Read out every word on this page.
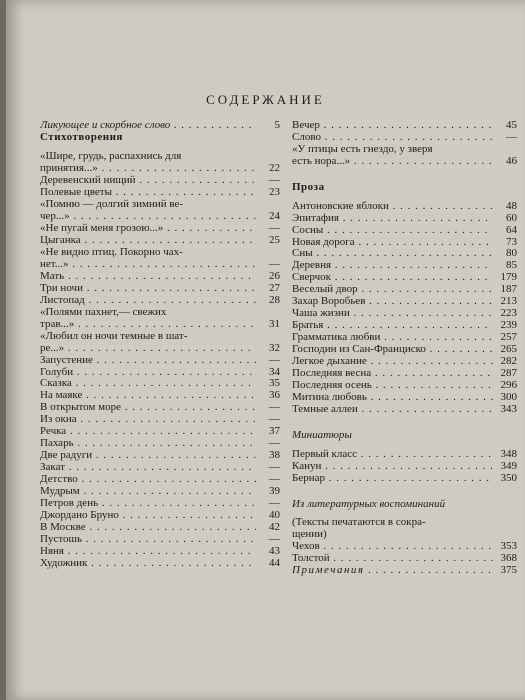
СОДЕРЖАНИЕ
Ликующее и скорбное слово . . .	5
Стихотворения
«Шире, грудь, распахнись для
принятия...» . . .	22
Деревенский нищий . . .	—
Полевые цветы . . .	23
«Помню — долгий зимний ве-
чер...» . . .	24
«Не пугай меня грозою...» . . .	—
Цыганка . . .	25
«Не видно птиц. Покорно чах-
нет...» . . .	—
Мать . . .	26
Три ночи . . .	27
Листопад . . .	28
«Полями пахнет,— свежих
трав...» . . .	31
«Любил он ночи темные в шат-
ре...» . . .	32
Запустение . . .	—
Голуби . . .	34
Сказка . . .	35
На маяке . . .	36
В открытом море . . .	—
Из окна . . .	—
Речка . . .	37
Пахарь . . .	—
Две радуги . . .	38
Закат . . .	—
Детство . . .	—
Мудрым . . .	39
Петров день . . .	—
Джордано Бруно . . .	40
В Москве . . .	42
Пустошь . . .	—
Няня . . .	43
Художник . . .	44
Вечер . . .	45
Слово . . .	—
«У птицы есть гнездо, у зверя
есть нора...» . . .	46
Проза
Антоновские яблоки . . .	48
Эпитафия . . .	60
Сосны . . .	64
Новая дорога . . .	73
Сны . . .	80
Деревня . . .	85
Сверчок . . .	179
Веселый двор . . .	187
Захар Воробьев . . .	213
Чаша жизни . . .	223
Братья . . .	239
Грамматика любви . . .	257
Господин из Сан-Франциско . . .	265
Легкое дыхание . . .	282
Последняя весна . . .	287
Последняя осень . . .	296
Митина любовь . . .	300
Темные аллеи . . .	343
Миниатюры
Первый класс . . .	348
Канун . . .	349
Бернар . . .	350
Из литературных воспоминаний
(Тексты печатаются в сокра-
щении)
Чехов . . .	353
Толстой . . .	368
Примечания . . .	375
